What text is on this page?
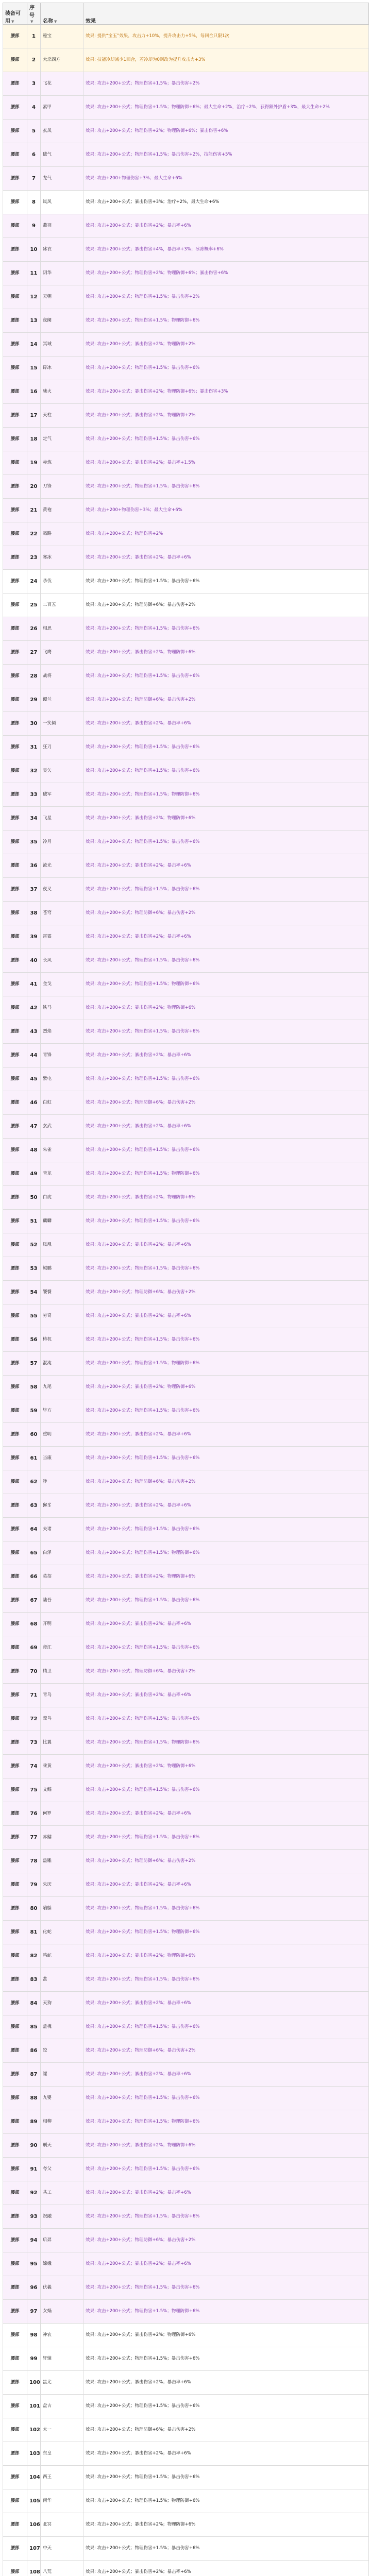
装备可用 ▼	序号▼	名称 ▼	效果
腰部	1	秘宝	效果: 提供“宝玉”效果，攻击力+10%，提升攻击力+5%，每回合只限1次
腰部	2	大杀四方	效果: 技能冷却减少1回合，若冷却为0则改为提升攻击力+3%
腰部	3	飞花	效果: 攻击+200+公式；物理伤害+1.5%；暴击伤害+2%
腰部	4	素甲	效果: 攻击+200+公式；物理伤害+1.5%；物理防御+6%；最大生命+2%，治疗+2%，获得额外护盾+3%，最大生命+2%
腰部	5	玄凤	效果: 攻击+200+公式；物理伤害+2%；物理防御+6%；暴击伤害+6%
腰部	6	破气	效果: 攻击+200+公式；物理伤害+1.5%；暴击伤害+2%，技能伤害+5%
腰部	7	龙气	效果: 攻击+200+物理伤害+3%；最大生命+6%
腰部	8	岚风	效果: 攻击+200+公式；暴击伤害+3%；治疗+2%，最大生命+6%
腰部	9	燕羽	效果: 攻击+200+公式；暴击伤害+2%；暴击率+6%
腰部	10	冰衣	效果: 攻击+200+公式；暴击伤害+4%，暴击率+3%；冰冻概率+6%
腰部	11	阴华	效果: 攻击+200+公式；物理伤害+2%；物理防御+6%；暴击伤害+6%
腰部	12	天朝	效果: 攻击+200+公式；物理伤害+1.5%；暴击伤害+2%
腰部	13	夜阑	效果: 攻击+200+公式；物理伤害+1.5%；物理防御+6%
腰部	14	冥域	效果: 攻击+200+公式；暴击伤害+2%；物理防御+2%
腰部	15	碎冰	效果: 攻击+200+公式；物理伤害+1.5%；暴击伤害+6%
腰部	16	驰火	效果: 攻击+200+公式；暴击伤害+2%；物理防御+6%；暴击伤害+3%
腰部	17	天柱	效果: 攻击+200+公式；暴击伤害+2%；物理防御+2%
腰部	18	定气	效果: 攻击+200+公式；物理伤害+1.5%；暴击伤害+6%
腰部	19	赤炼	效果: 攻击+200+公式；暴击伤害+2%；暴击率+1.5%
腰部	20	刀锋	效果: 攻击+200+公式；物理伤害+1.5%；暴击伤害+6%
腰部	21	黄袍	效果: 攻击+200+物理伤害+3%；最大生命+6%
腰部	22	霜路	效果: 攻击+200+公式；物理伤害+2%
腰部	23	寒冰	效果: 攻击+200+公式；暴击伤害+2%；暴击率+6%
腰部	24	杀伐	效果: 攻击+200+公式；物理伤害+1.5%；暴击伤害+6%
腰部	25	二百五	效果: 攻击+200+公式；物理防御+6%；暴击伤害+2%
腰部	26	相思	效果: 攻击+200+公式；物理伤害+1.5%；暴击伤害+6%
腰部	27	飞鹰	效果: 攻击+200+公式；暴击伤害+2%；物理防御+6%
腰部	28	战将	效果: 攻击+200+公式；物理伤害+1.5%；暴击伤害+6%
腰部	29	谭兰	效果: 攻击+200+公式；物理防御+6%；暴击伤害+2%
腰部	30	一笑倾	效果: 攻击+200+公式；暴击伤害+2%；暴击率+6%
腰部	31	狂刀	效果: 攻击+200+公式；物理伤害+1.5%；暴击伤害+6%
腰部	32	灵矢	效果: 攻击+200+公式；物理伤害+1.5%；暴击伤害+6%
腰部	33	破军	效果: 攻击+200+公式；物理伤害+1.5%；物理防御+6%
腰部	34	飞星	效果: 攻击+200+公式；暴击伤害+2%；物理防御+6%
腰部	35	冷月	效果: 攻击+200+公式；物理伤害+1.5%；暴击伤害+6%
腰部	36	流光	效果: 攻击+200+公式；暴击伤害+2%；暴击率+6%
腰部	37	夜叉	效果: 攻击+200+公式；物理伤害+1.5%；暴击伤害+6%
腰部	38	苍穹	效果: 攻击+200+公式；物理防御+6%；暴击伤害+2%
腰部	39	雷霆	效果: 攻击+200+公式；暴击伤害+2%；暴击率+6%
腰部	40	长风	效果: 攻击+200+公式；物理伤害+1.5%；暴击伤害+6%
腰部	41	金戈	效果: 攻击+200+公式；物理伤害+1.5%；物理防御+6%
腰部	42	铁马	效果: 攻击+200+公式；暴击伤害+2%；物理防御+6%
腰部	43	烈焰	效果: 攻击+200+公式；物理伤害+1.5%；暴击伤害+6%
腰部	44	青锋	效果: 攻击+200+公式；暴击伤害+2%；暴击率+6%
腰部	45	紫电	效果: 攻击+200+公式；物理伤害+1.5%；暴击伤害+6%
腰部	46	白虹	效果: 攻击+200+公式；物理防御+6%；暴击伤害+2%
腰部	47	玄武	效果: 攻击+200+公式；暴击伤害+2%；暴击率+6%
腰部	48	朱雀	效果: 攻击+200+公式；物理伤害+1.5%；暴击伤害+6%
腰部	49	青龙	效果: 攻击+200+公式；物理伤害+1.5%；物理防御+6%
腰部	50	白虎	效果: 攻击+200+公式；暴击伤害+2%；物理防御+6%
腰部	51	麒麟	效果: 攻击+200+公式；物理伤害+1.5%；暴击伤害+6%
腰部	52	凤凰	效果: 攻击+200+公式；暴击伤害+2%；暴击率+6%
腰部	53	鲲鹏	效果: 攻击+200+公式；物理伤害+1.5%；暴击伤害+6%
腰部	54	饕餮	效果: 攻击+200+公式；物理防御+6%；暴击伤害+2%
腰部	55	穷奇	效果: 攻击+200+公式；暴击伤害+2%；暴击率+6%
腰部	56	梼杌	效果: 攻击+200+公式；物理伤害+1.5%；暴击伤害+6%
腰部	57	混沌	效果: 攻击+200+公式；物理伤害+1.5%；物理防御+6%
腰部	58	九尾	效果: 攻击+200+公式；暴击伤害+2%；物理防御+6%
腰部	59	毕方	效果: 攻击+200+公式；物理伤害+1.5%；暴击伤害+6%
腰部	60	重明	效果: 攻击+200+公式；暴击伤害+2%；暴击率+6%
腰部	61	当康	效果: 攻击+200+公式；物理伤害+1.5%；暴击伤害+6%
腰部	62	狰	效果: 攻击+200+公式；物理防御+6%；暴击伤害+2%
腰部	63	獬豸	效果: 攻击+200+公式；暴击伤害+2%；暴击率+6%
腰部	64	夫诸	效果: 攻击+200+公式；物理伤害+1.5%；暴击伤害+6%
腰部	65	白泽	效果: 攻击+200+公式；物理伤害+1.5%；物理防御+6%
腰部	66	英招	效果: 攻击+200+公式；暴击伤害+2%；物理防御+6%
腰部	67	陆吾	效果: 攻击+200+公式；物理伤害+1.5%；暴击伤害+6%
腰部	68	开明	效果: 攻击+200+公式；暴击伤害+2%；暴击率+6%
腰部	69	帝江	效果: 攻击+200+公式；物理伤害+1.5%；暴击伤害+6%
腰部	70	精卫	效果: 攻击+200+公式；物理防御+6%；暴击伤害+2%
腰部	71	青鸟	效果: 攻击+200+公式；暴击伤害+2%；暴击率+6%
腰部	72	鸾鸟	效果: 攻击+200+公式；物理伤害+1.5%；暴击伤害+6%
腰部	73	比翼	效果: 攻击+200+公式；物理伤害+1.5%；物理防御+6%
腰部	74	乘黄	效果: 攻击+200+公式；暴击伤害+2%；物理防御+6%
腰部	75	文鳐	效果: 攻击+200+公式；物理伤害+1.5%；暴击伤害+6%
腰部	76	何罗	效果: 攻击+200+公式；暴击伤害+2%；暴击率+6%
腰部	77	赤鱬	效果: 攻击+200+公式；物理伤害+1.5%；暴击伤害+6%
腰部	78	蛊雕	效果: 攻击+200+公式；物理防御+6%；暴击伤害+2%
腰部	79	朱厌	效果: 攻击+200+公式；暴击伤害+2%；暴击率+6%
腰部	80	鵸鵌	效果: 攻击+200+公式；物理伤害+1.5%；暴击伤害+6%
腰部	81	化蛇	效果: 攻击+200+公式；物理伤害+1.5%；物理防御+6%
腰部	82	鸣蛇	效果: 攻击+200+公式；暴击伤害+2%；物理防御+6%
腰部	83	蜚	效果: 攻击+200+公式；物理伤害+1.5%；暴击伤害+6%
腰部	84	天狗	效果: 攻击+200+公式；暴击伤害+2%；暴击率+6%
腰部	85	孟槐	效果: 攻击+200+公式；物理伤害+1.5%；暴击伤害+6%
腰部	86	狡	效果: 攻击+200+公式；物理防御+6%；暴击伤害+2%
腰部	87	讙	效果: 攻击+200+公式；暴击伤害+2%；暴击率+6%
腰部	88	九婴	效果: 攻击+200+公式；物理伤害+1.5%；暴击伤害+6%
腰部	89	相柳	效果: 攻击+200+公式；物理伤害+1.5%；物理防御+6%
腰部	90	刑天	效果: 攻击+200+公式；暴击伤害+2%；物理防御+6%
腰部	91	夸父	效果: 攻击+200+公式；物理伤害+1.5%；暴击伤害+6%
腰部	92	共工	效果: 攻击+200+公式；暴击伤害+2%；暴击率+6%
腰部	93	祝融	效果: 攻击+200+公式；物理伤害+1.5%；暴击伤害+6%
腰部	94	后羿	效果: 攻击+200+公式；物理防御+6%；暴击伤害+2%
腰部	95	嫦娥	效果: 攻击+200+公式；暴击伤害+2%；暴击率+6%
腰部	96	伏羲	效果: 攻击+200+公式；物理伤害+1.5%；暴击伤害+6%
腰部	97	女娲	效果: 攻击+200+公式；物理伤害+1.5%；物理防御+6%
腰部	98	神农	效果: 攻击+200+公式；暴击伤害+2%；物理防御+6%
腰部	99	轩辕	效果: 攻击+200+公式；物理伤害+1.5%；暴击伤害+6%
腰部	100	蚩尤	效果: 攻击+200+公式；暴击伤害+2%；暴击率+6%
腰部	101	盘古	效果: 攻击+200+公式；物理伤害+1.5%；暴击伤害+6%
腰部	102	太一	效果: 攻击+200+公式；物理防御+6%；暴击伤害+2%
腰部	103	东皇	效果: 攻击+200+公式；暴击伤害+2%；暴击率+6%
腰部	104	西王	效果: 攻击+200+公式；物理伤害+1.5%；暴击伤害+6%
腰部	105	南华	效果: 攻击+200+公式；物理伤害+1.5%；物理防御+6%
腰部	106	北冥	效果: 攻击+200+公式；暴击伤害+2%；物理防御+6%
腰部	107	中天	效果: 攻击+200+公式；物理伤害+1.5%；暴击伤害+6%
腰部	108	八荒	效果: 攻击+200+公式；暴击伤害+2%；暴击率+6%
